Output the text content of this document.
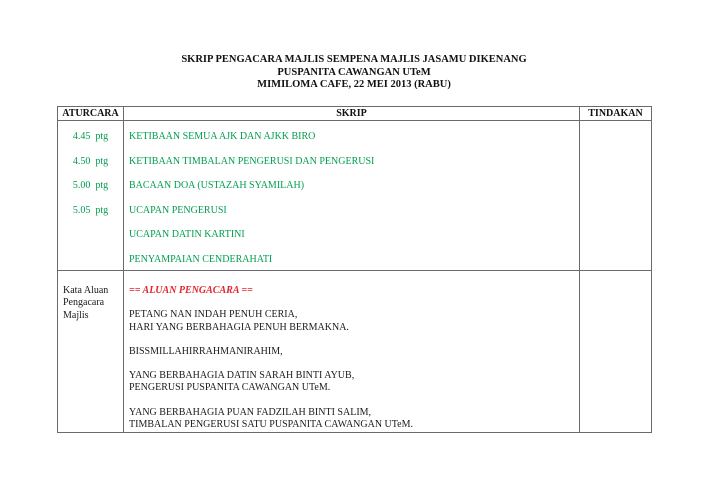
SKRIP PENGACARA MAJLIS SEMPENA MAJLIS JASAMU DIKENANG
PUSPANITA CAWANGAN UTeM
MIMILOMA CAFE, 22 MEI 2013 (RABU)
ATURCARA	SKRIP	TINDAKAN
4.45 ptg
4.50 ptg
5.00 ptg
5.05 ptg
KETIBAAN SEMUA AJK DAN AJKK BIRO
KETIBAAN TIMBALAN PENGERUSI DAN PENGERUSI
BACAAN DOA (USTAZAH SYAMILAH)
UCAPAN PENGERUSI
UCAPAN DATIN KARTINI
PENYAMPAIAN CENDERAHATI
Kata Aluan
Pengacara
Majlis
== ALUAN PENGACARA ==
PETANG NAN INDAH PENUH CERIA,
HARI YANG BERBAHAGIA PENUH BERMAKNA.
BISSMILLAHIRRAHMANIRAHIM,
YANG BERBAHAGIA DATIN SARAH BINTI AYUB,
PENGERUSI PUSPANITA CAWANGAN UTeM.
YANG BERBAHAGIA PUAN FADZILAH BINTI SALIM,
TIMBALAN PENGERUSI SATU PUSPANITA CAWANGAN UTeM.
